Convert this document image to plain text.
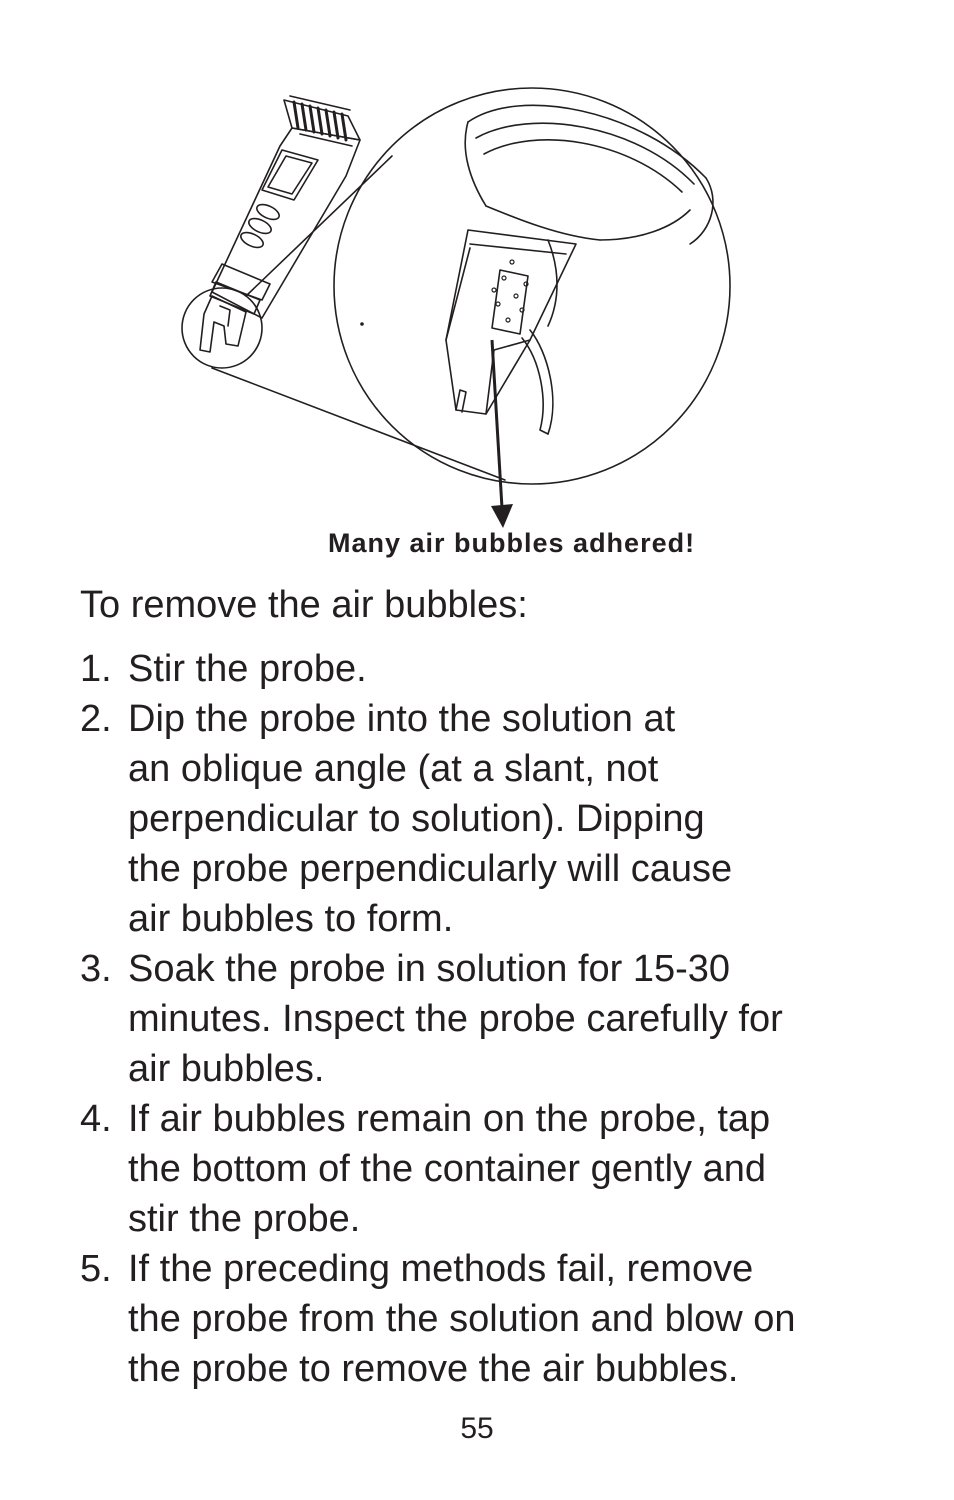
Many air bubbles adhered!
To remove the air bubbles:
1. Stir the probe.
2. Dip the probe into the solution at
an oblique angle (at a slant, not
perpendicular to solution). Dipping
the probe perpendicularly will cause
air bubbles to form.
3. Soak the probe in solution for 15-30
minutes. Inspect the probe carefully for
air bubbles.
4. If air bubbles remain on the probe, tap
the bottom of the container gently and
stir the probe.
5. If the preceding methods fail, remove
the probe from the solution and blow on
the probe to remove the air bubbles.
55
